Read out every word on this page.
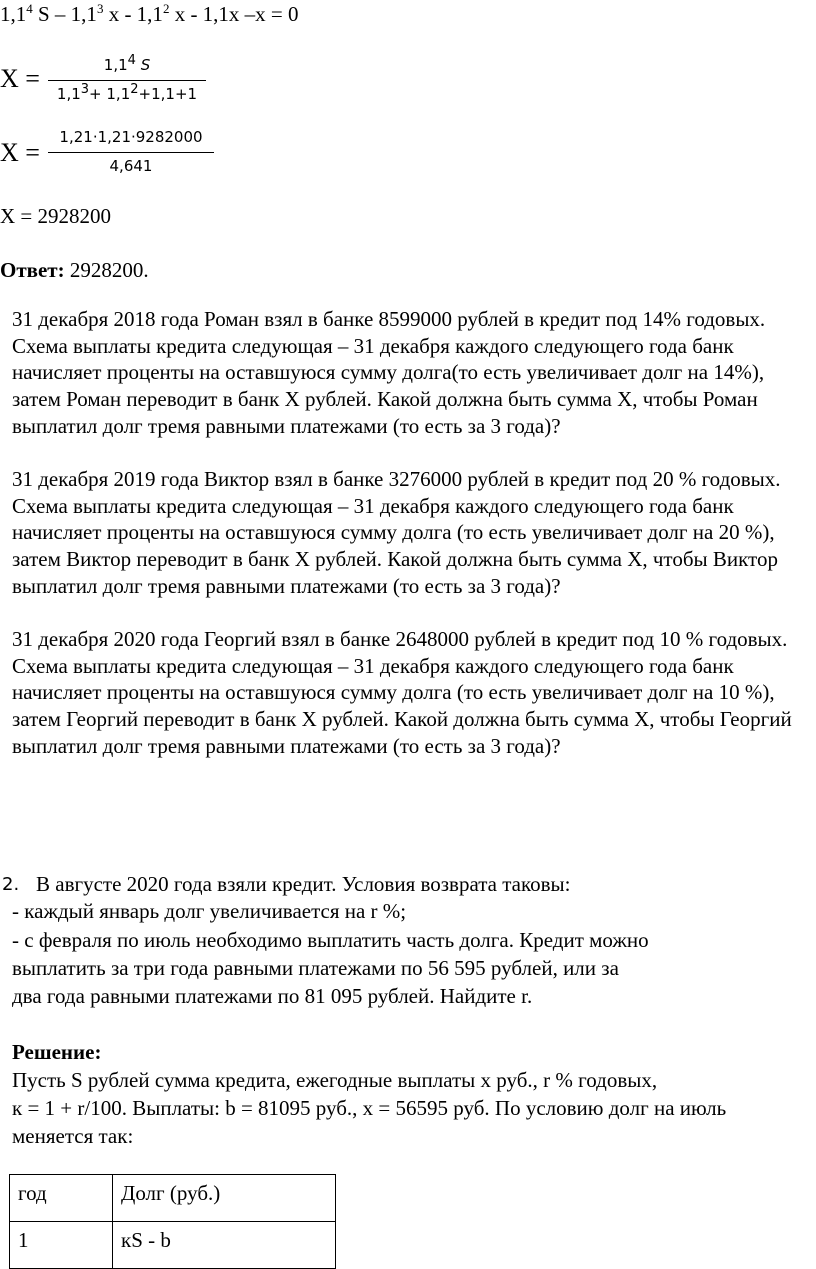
$1,1^4$ S – $1,1^3$ x - $1,1^2$ x - 1,1x –x = 0
X =	1,14 S
1,13+ 1,12+1,1+1
X =
1,21·1,21·9282000
4,641
X = 2928200
Ответ: 2928200.
31 декабря 2018 года Роман взял в банке 8599000 рублей в кредит под 14% годовых. Схема выплаты кредита следующая – 31 декабря каждого следующего года банк начисляет проценты на оставшуюся сумму долга(то есть увеличивает долг на 14%), затем Роман переводит в банк X рублей. Какой должна быть сумма X, чтобы Роман выплатил долг тремя равными платежами (то есть за 3 года)?
31 декабря 2019 года Виктор взял в банке 3276000 рублей в кредит под 20 % годовых. Схема выплаты кредита следующая – 31 декабря каждого следующего года банк начисляет проценты на оставшуюся сумму долга (то есть увеличивает долг на 20 %), затем Виктор переводит в банк X рублей. Какой должна быть сумма X, чтобы Виктор выплатил долг тремя равными платежами (то есть за 3 года)?
31 декабря 2020 года Георгий взял в банке 2648000 рублей в кредит под 10 % годовых. Схема выплаты кредита следующая – 31 декабря каждого следующего года банк начисляет проценты на оставшуюся сумму долга (то есть увеличивает долг на 10 %), затем Георгий переводит в банк X рублей. Какой должна быть сумма X, чтобы Георгий выплатил долг тремя равными платежами (то есть за 3 года)?
2. В августе 2020 года взяли кредит. Условия возврата таковы:
- каждый январь долг увеличивается на r %;
- с февраля по июль необходимо выплатить часть долга. Кредит можно
выплатить за три года равными платежами по 56 595 рублей, или за
два года равными платежами по 81 095 рублей. Найдите r.
Решение:
Пусть S рублей сумма кредита, ежегодные выплаты x руб., r % годовых,
к = 1 + r/100. Выплаты: b = 81095 руб., x = 56595 руб. По условию долг на июль
меняется так:
год	Долг (руб.)
1	кS - b
